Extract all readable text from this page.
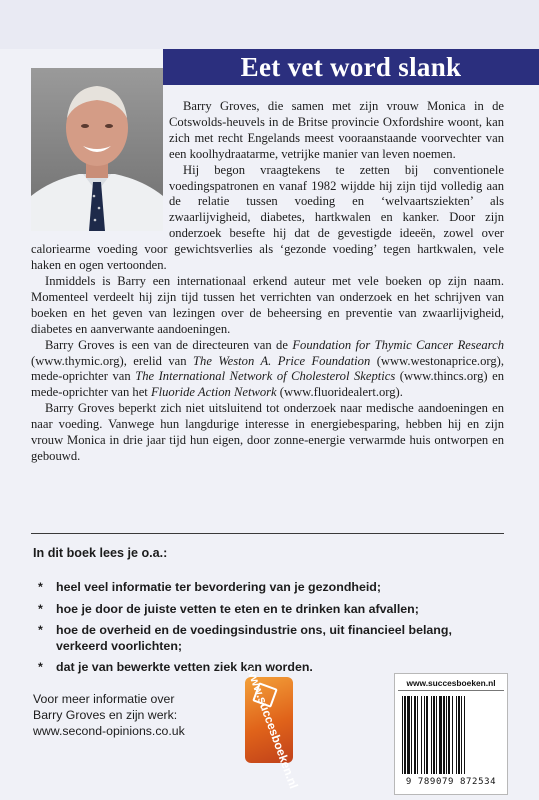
Eet vet word slank

Barry Groves, die samen met zijn vrouw Monica in de Cotswolds-heuvels in de Britse provincie Oxfordshire woont, kan zich met recht Engelands meest vooraanstaande voorvechter van een koolhydraatarme, vetrijke manier van leven noemen.

Hij begon vraagtekens te zetten bij conventionele voedingspatronen en vanaf 1982 wijdde hij zijn tijd volledig aan de relatie tussen voeding en ‘welvaartsziekten’ als zwaarlijvigheid, diabetes, hartkwalen en kanker. Door zijn onderzoek besefte hij dat de gevestigde ideeën, zowel over caloriearme voeding voor gewichtsverlies als ‘gezonde voeding’ tegen hartkwalen, vele haken en ogen vertoonden.

Inmiddels is Barry een internationaal erkend auteur met vele boeken op zijn naam. Momenteel verdeelt hij zijn tijd tussen het verrichten van onderzoek en het schrijven van boeken en het geven van lezingen over de beheersing en preventie van zwaarlijvigheid, diabetes en aanverwante aandoeningen.

Barry Groves is een van de directeuren van de Foundation for Thymic Cancer Research (www.thymic.org), erelid van The Weston A. Price Foundation (www.westonaprice.org), mede-oprichter van The International Network of Cholesterol Skeptics (www.thincs.org) en mede-oprichter van het Fluoride Action Network (www.fluoridealert.org).

Barry Groves beperkt zich niet uitsluitend tot onderzoek naar medische aandoeningen en naar voeding. Vanwege hun langdurige interesse in energiebesparing, hebben hij en zijn vrouw Monica in drie jaar tijd hun eigen, door zonne-energie verwarmde huis ontworpen en gebouwd.

In dit boek lees je o.a.:
* heel veel informatie ter bevordering van je gezondheid;
* hoe je door de juiste vetten te eten en te drinken kan afvallen;
* hoe de overheid en de voedingsindustrie ons, uit financieel belang, verkeerd voorlichten;
* dat je van bewerkte vetten ziek kan worden.
Voor meer informatie over
Barry Groves en zijn werk:
www.second-opinions.co.uk	www.succesboeken.nl	www.succesboeken.nl
9 789079 872534
